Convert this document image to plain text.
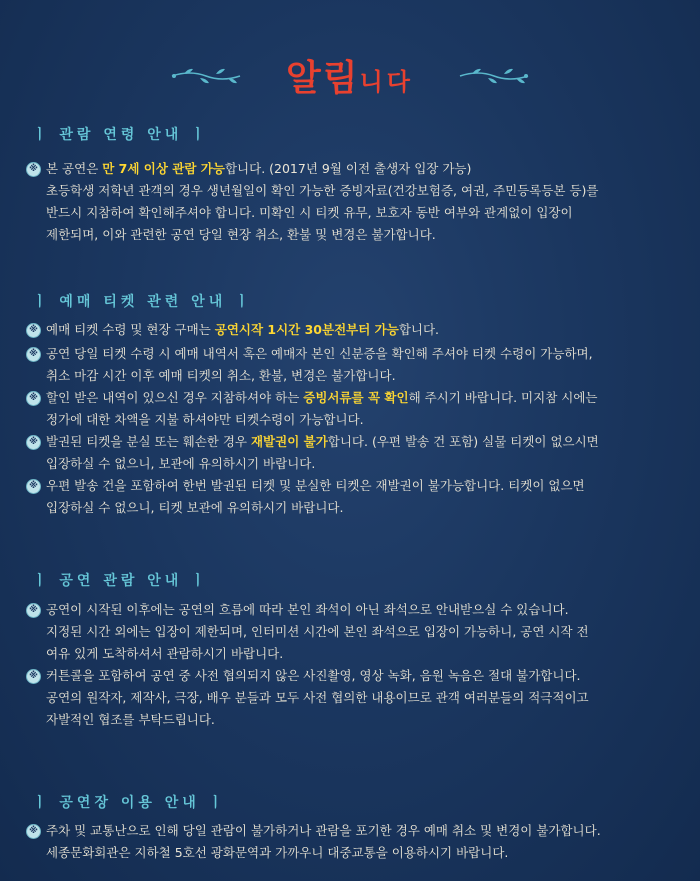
알림니다
ㅣ 관람 연령 안내 ㅣ
※ 본 공연은 만 7세 이상 관람 가능합니다. (2017년 9월 이전 출생자 입장 가능)
초등학생 저학년 관객의 경우 생년월일이 확인 가능한 증빙자료(건강보험증, 여권, 주민등록등본 등)를
반드시 지참하여 확인해주셔야 합니다. 미확인 시 티켓 유무, 보호자 동반 여부와 관계없이 입장이
제한되며, 이와 관련한 공연 당일 현장 취소, 환불 및 변경은 불가합니다.
ㅣ 예매 티켓 관련 안내 ㅣ
※ 예매 티켓 수령 및 현장 구매는 공연시작 1시간 30분전부터 가능합니다.
※ 공연 당일 티켓 수령 시 예매 내역서 혹은 예매자 본인 신분증을 확인해 주셔야 티켓 수령이 가능하며,
취소 마감 시간 이후 예매 티켓의 취소, 환불, 변경은 불가합니다.
※ 할인 받은 내역이 있으신 경우 지참하셔야 하는 증빙서류를 꼭 확인해 주시기 바랍니다. 미지참 시에는
정가에 대한 차액을 지불 하셔야만 티켓수령이 가능합니다.
※ 발권된 티켓을 분실 또는 훼손한 경우 재발권이 불가합니다. (우편 발송 건 포함) 실물 티켓이 없으시면
입장하실 수 없으니, 보관에 유의하시기 바랍니다.
※ 우편 발송 건을 포함하여 한번 발권된 티켓 및 분실한 티켓은 재발권이 불가능합니다. 티켓이 없으면
입장하실 수 없으니, 티켓 보관에 유의하시기 바랍니다.
ㅣ 공연 관람 안내 ㅣ
※ 공연이 시작된 이후에는 공연의 흐름에 따라 본인 좌석이 아닌 좌석으로 안내받으실 수 있습니다.
지정된 시간 외에는 입장이 제한되며, 인터미션 시간에 본인 좌석으로 입장이 가능하니, 공연 시작 전
여유 있게 도착하셔서 관람하시기 바랍니다.
※ 커튼콜을 포함하여 공연 중 사전 협의되지 않은 사진촬영, 영상 녹화, 음원 녹음은 절대 불가합니다.
공연의 원작자, 제작사, 극장, 배우 분들과 모두 사전 협의한 내용이므로 관객 여러분들의 적극적이고
자발적인 협조를 부탁드립니다.
ㅣ 공연장 이용 안내 ㅣ
※ 주차 및 교통난으로 인해 당일 관람이 불가하거나 관람을 포기한 경우 예매 취소 및 변경이 불가합니다.
세종문화회관은 지하철 5호선 광화문역과 가까우니 대중교통을 이용하시기 바랍니다.
